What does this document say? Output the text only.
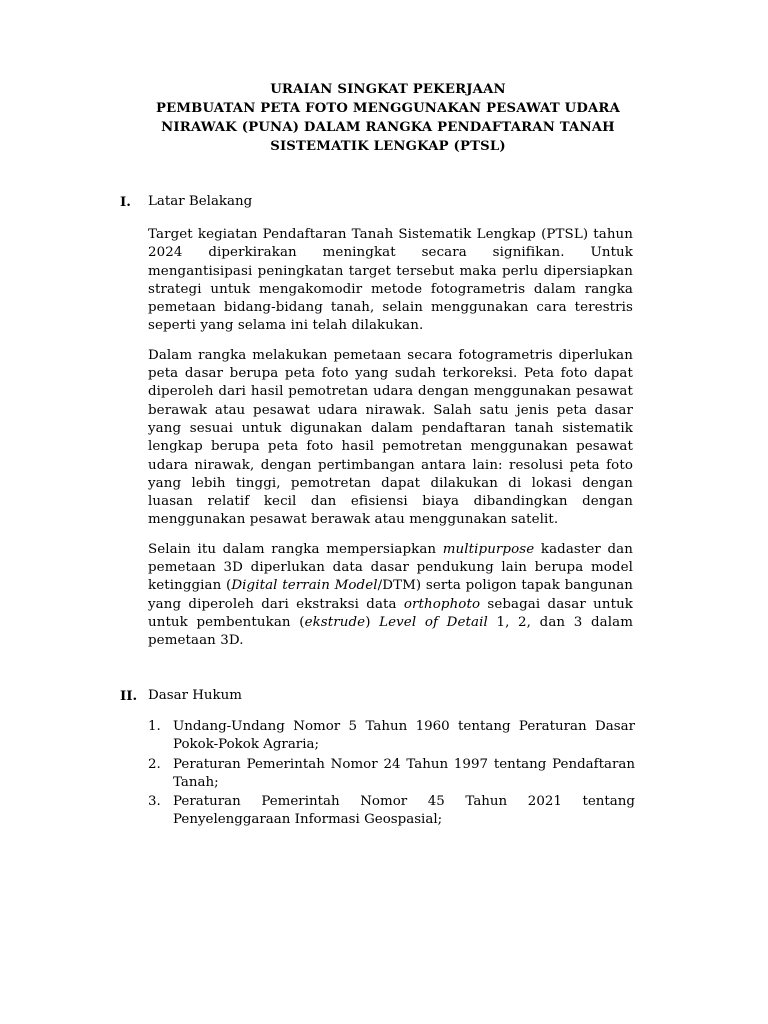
URAIAN SINGKAT PEKERJAAN
PEMBUATAN PETA FOTO MENGGUNAKAN PESAWAT UDARA
NIRAWAK (PUNA) DALAM RANGKA PENDAFTARAN TANAH
SISTEMATIK LENGKAP (PTSL)
I. Latar Belakang

Target kegiatan Pendaftaran Tanah Sistematik Lengkap (PTSL) tahun 2024 diperkirakan meningkat secara signifikan. Untuk mengantisipasi peningkatan target tersebut maka perlu dipersiapkan strategi untuk mengakomodir metode fotogrametris dalam rangka pemetaan bidang-bidang tanah, selain menggunakan cara terestris seperti yang selama ini telah dilakukan.

Dalam rangka melakukan pemetaan secara fotogrametris diperlukan peta dasar berupa peta foto yang sudah terkoreksi. Peta foto dapat diperoleh dari hasil pemotretan udara dengan menggunakan pesawat berawak atau pesawat udara nirawak. Salah satu jenis peta dasar yang sesuai untuk digunakan dalam pendaftaran tanah sistematik lengkap berupa peta foto hasil pemotretan menggunakan pesawat udara nirawak, dengan pertimbangan antara lain: resolusi peta foto yang lebih tinggi, pemotretan dapat dilakukan di lokasi dengan luasan relatif kecil dan efisiensi biaya dibandingkan dengan menggunakan pesawat berawak atau menggunakan satelit.

Selain itu dalam rangka mempersiapkan multipurpose kadaster dan pemetaan 3D diperlukan data dasar pendukung lain berupa model ketinggian (Digital terrain Model/DTM) serta poligon tapak bangunan yang diperoleh dari ekstraksi data orthophoto sebagai dasar untuk untuk pembentukan (ekstrude) Level of Detail 1, 2, dan 3 dalam pemetaan 3D.

II. Dasar Hukum
1. Undang-Undang Nomor 5 Tahun 1960 tentang Peraturan Dasar Pokok-Pokok Agraria;
2. Peraturan Pemerintah Nomor 24 Tahun 1997 tentang Pendaftaran Tanah;
3. Peraturan Pemerintah Nomor 45 Tahun 2021 tentang Penyelenggaraan Informasi Geospasial;
